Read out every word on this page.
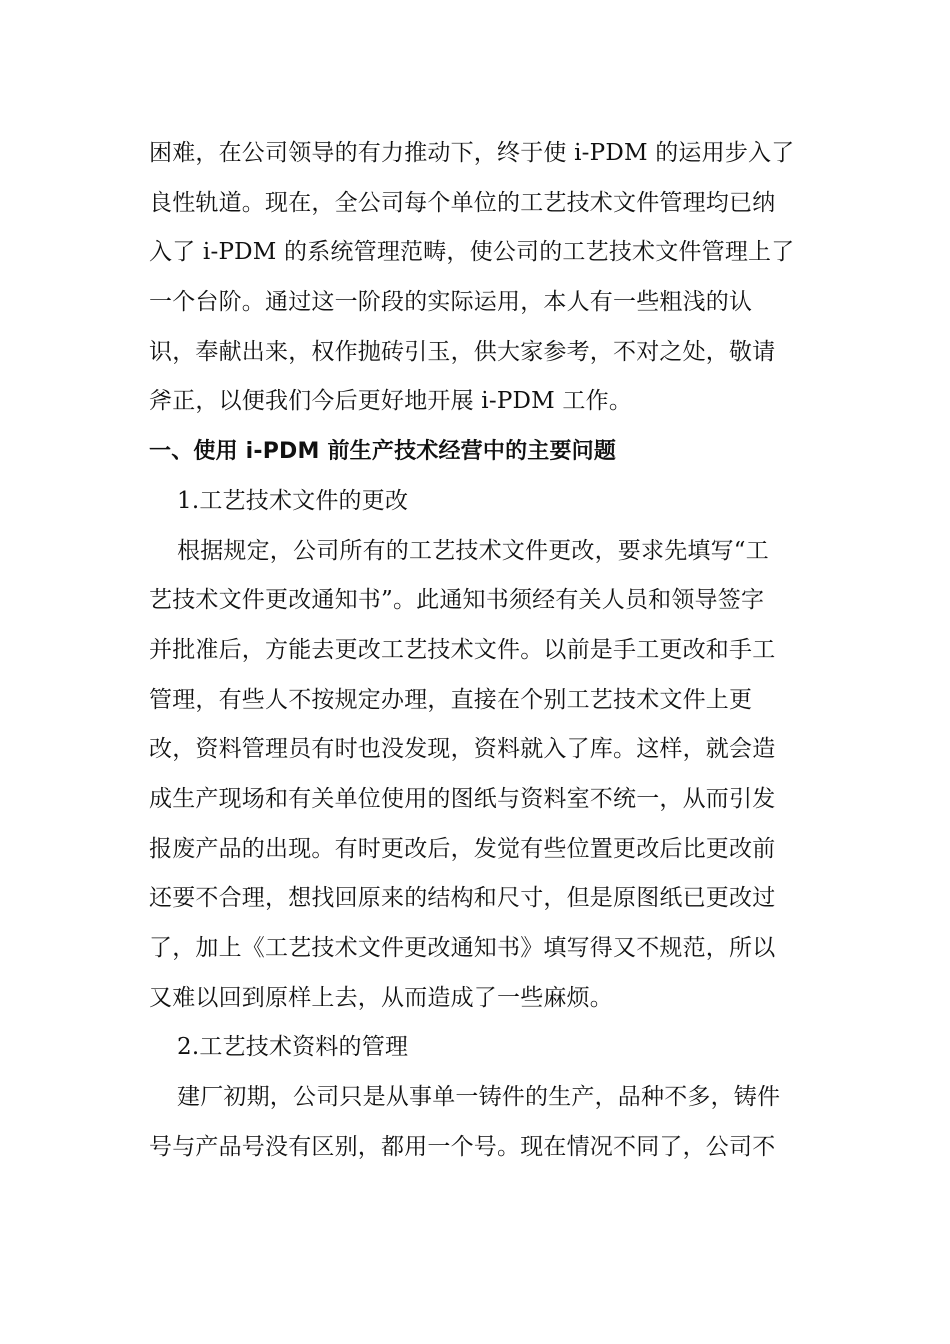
困难，在公司领导的有力推动下，终于使 i-PDM 的运用步入了
良性轨道。现在，全公司每个单位的工艺技术文件管理均已纳
入了 i-PDM 的系统管理范畴，使公司的工艺技术文件管理上了
一个台阶。通过这一阶段的实际运用，本人有一些粗浅的认
识，奉献出来，权作抛砖引玉，供大家参考，不对之处，敬请
斧正，以便我们今后更好地开展 i-PDM 工作。
一、使用 i-PDM 前生产技术经营中的主要问题
1.工艺技术文件的更改
根据规定，公司所有的工艺技术文件更改，要求先填写“工
艺技术文件更改通知书”。此通知书须经有关人员和领导签字
并批准后，方能去更改工艺技术文件。以前是手工更改和手工
管理，有些人不按规定办理，直接在个别工艺技术文件上更
改，资料管理员有时也没发现，资料就入了库。这样，就会造
成生产现场和有关单位使用的图纸与资料室不统一，从而引发
报废产品的出现。有时更改后，发觉有些位置更改后比更改前
还要不合理，想找回原来的结构和尺寸，但是原图纸已更改过
了，加上《工艺技术文件更改通知书》填写得又不规范，所以
又难以回到原样上去，从而造成了一些麻烦。
2.工艺技术资料的管理
建厂初期，公司只是从事单一铸件的生产，品种不多，铸件
号与产品号没有区别，都用一个号。现在情况不同了，公司不
